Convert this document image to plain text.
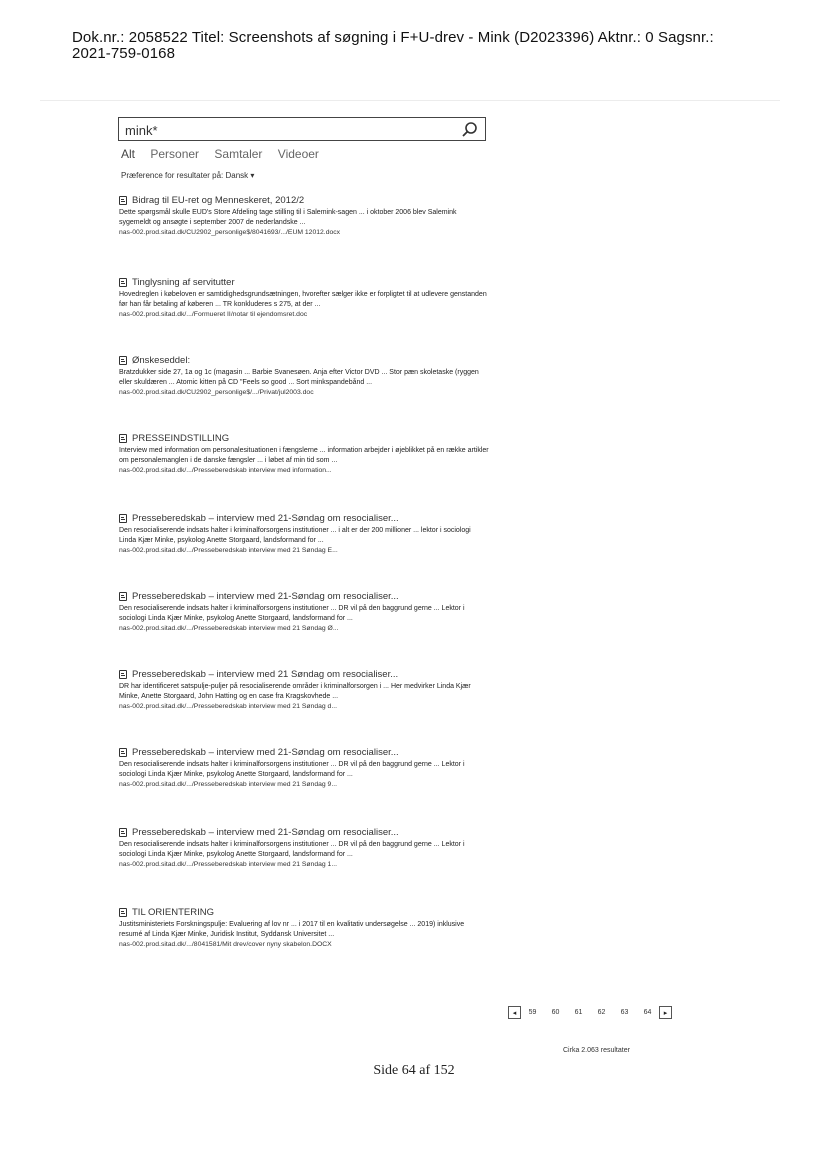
Dok.nr.: 2058522 Titel: Screenshots af søgning i F+U-drev - Mink (D2023396) Aktnr.: 0 Sagsnr.:
2021-759-0168
mink*
Alt Personer Samtaler Videoer
Præference for resultater på: Dansk ▾
Bidrag til EU-ret og Menneskeret, 2012/2
Dette spørgsmål skulle EUD's Store Afdeling tage stilling til i Salemink-sagen ... i oktober 2006 blev Salemink sygemeldt og ansøgte i september 2007 de nederlandske ...
nas-002.prod.sitad.dk/CU2902_personlige$/8041693/.../EUM 12012.docx
Tinglysning af servitutter
Hovedreglen i købeloven er samtidighedsgrundsætningen, hvorefter sælger ikke er forpligtet til at udlevere genstanden før han får betaling af køberen ... TR konkluderes s 275, at der ...
nas-002.prod.sitad.dk/.../Formueret II/notar til ejendomsret.doc
Ønskeseddel:
Bratzdukker side 27, 1a og 1c (magasin ... Barbie Svanesøen. Anja efter Victor DVD ... Stor pæn skoletaske (ryggen eller skuldæren ... Atomic kitten på CD "Feels so good ... Sort minkspandebånd ...
nas-002.prod.sitad.dk/CU2902_personlige$/.../Privat/jul2003.doc
PRESSEINDSTILLING
Interview med information om personalesituationen i fængslerne ... information arbejder i øjeblikket på en række artikler om personalemanglen i de danske fængsler ... i løbet af min tid som ...
nas-002.prod.sitad.dk/.../Presseberedskab interview med information...
Presseberedskab – interview med 21-Søndag om resocialiser...
Den resocialiserende indsats halter i kriminalforsorgens institutioner ... i alt er der 200 millioner ... lektor i sociologi Linda Kjær Minke, psykolog Anette Storgaard, landsformand for ...
nas-002.prod.sitad.dk/.../Presseberedskab interview med 21 Søndag E...
Presseberedskab – interview med 21-Søndag om resocialiser...
Den resocialiserende indsats halter i kriminalforsorgens institutioner ... DR vil på den baggrund gerne ... Lektor i sociologi Linda Kjær Minke, psykolog Anette Storgaard, landsformand for ...
nas-002.prod.sitad.dk/.../Presseberedskab interview med 21 Søndag Ø...
Presseberedskab – interview med 21 Søndag om resocialiser...
DR har identificeret satspulje-puljer på resocialiserende områder i kriminalforsorgen i ... Her medvirker Linda Kjær Minke, Anette Storgaard, John Hatting og en case fra Kragskovhede ...
nas-002.prod.sitad.dk/.../Presseberedskab interview med 21 Søndag d...
Presseberedskab – interview med 21-Søndag om resocialiser...
Den resocialiserende indsats halter i kriminalforsorgens institutioner ... DR vil på den baggrund gerne ... Lektor i sociologi Linda Kjær Minke, psykolog Anette Storgaard, landsformand for ...
nas-002.prod.sitad.dk/.../Presseberedskab interview med 21 Søndag 9...
Presseberedskab – interview med 21-Søndag om resocialiser...
Den resocialiserende indsats halter i kriminalforsorgens institutioner ... DR vil på den baggrund gerne ... Lektor i sociologi Linda Kjær Minke, psykolog Anette Storgaard, landsformand for ...
nas-002.prod.sitad.dk/.../Presseberedskab interview med 21 Søndag 1...
TIL ORIENTERING
Justitsministeriets Forskningspulje: Evaluering af lov nr ... i 2017 til en kvalitativ undersøgelse ... 2019) inklusive resumé af Linda Kjær Minke, Juridisk Institut, Syddansk Universitet ...
nas-002.prod.sitad.dk/.../8041581/Mit drev/cover nyny skabelon.DOCX
◂	59	60	61	62	63	64	▸
Cirka 2.063 resultater
Side 64 af 152
